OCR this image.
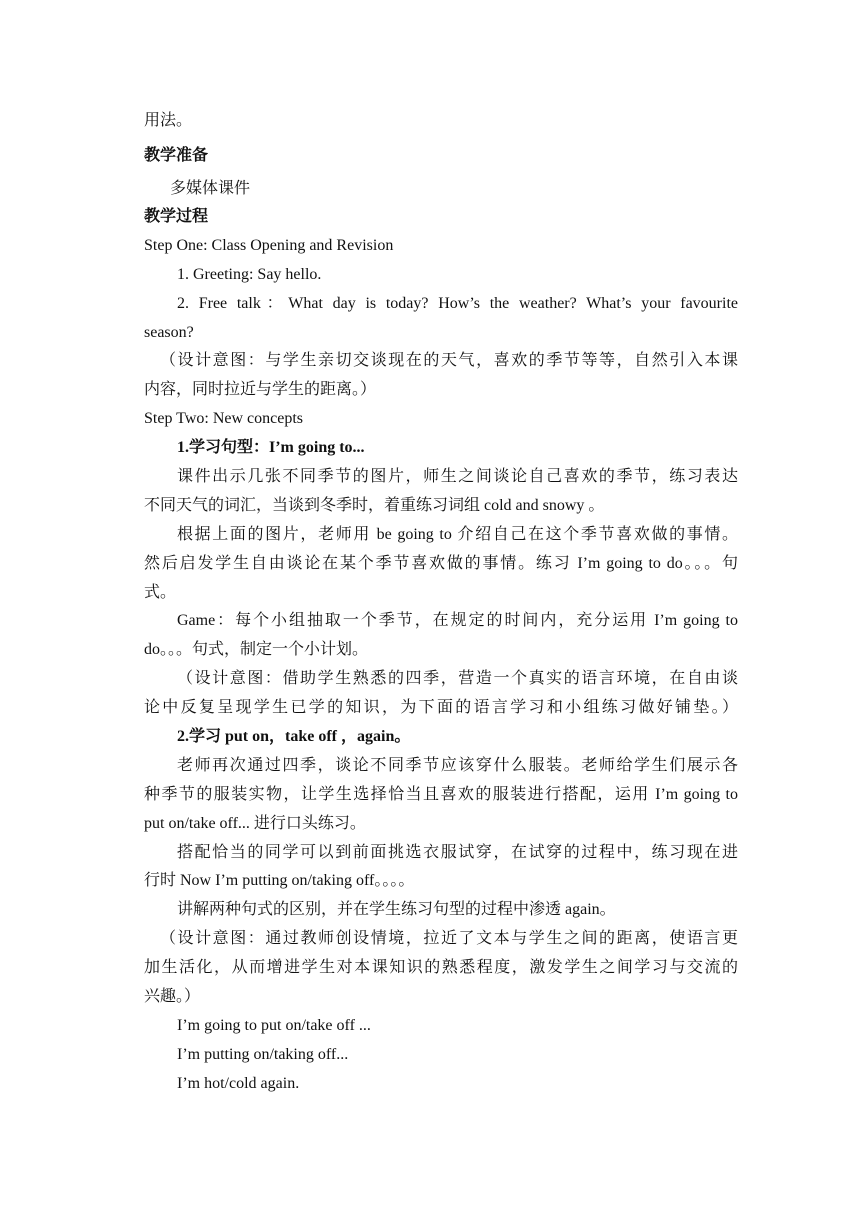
用法。
教学准备
多媒体课件
教学过程
Step One: Class Opening and Revision
1. Greeting: Say hello.
2. Free talk：What day is today? How’s the weather? What’s your favourite
season?
（设计意图：与学生亲切交谈现在的天气，喜欢的季节等等，自然引入本课
内容，同时拉近与学生的距离。）
Step Two: New concepts
1.学习句型：I’m going to...
课件出示几张不同季节的图片，师生之间谈论自己喜欢的季节，练习表达
不同天气的词汇，当谈到冬季时，着重练习词组 cold and snowy 。
根据上面的图片，老师用 be going to 介绍自己在这个季节喜欢做的事情。
然后启发学生自由谈论在某个季节喜欢做的事情。练习 I’m going to do。。。句
式。
Game：每个小组抽取一个季节，在规定的时间内，充分运用 I’m going to
do。。。句式，制定一个小计划。
（设计意图：借助学生熟悉的四季，营造一个真实的语言环境，在自由谈
论中反复呈现学生已学的知识，为下面的语言学习和小组练习做好铺垫。）
2.学习 put on，take off ，again。
老师再次通过四季，谈论不同季节应该穿什么服装。老师给学生们展示各
种季节的服装实物，让学生选择恰当且喜欢的服装进行搭配，运用 I’m going to
put on/take off... 进行口头练习。
搭配恰当的同学可以到前面挑选衣服试穿，在试穿的过程中，练习现在进
行时 Now I’m putting on/taking off。。。。
讲解两种句式的区别，并在学生练习句型的过程中渗透 again。
（设计意图：通过教师创设情境，拉近了文本与学生之间的距离，使语言更
加生活化，从而增进学生对本课知识的熟悉程度，激发学生之间学习与交流的
兴趣。）
I’m going to put on/take off ...
I’m putting on/taking off...
I’m hot/cold again.
